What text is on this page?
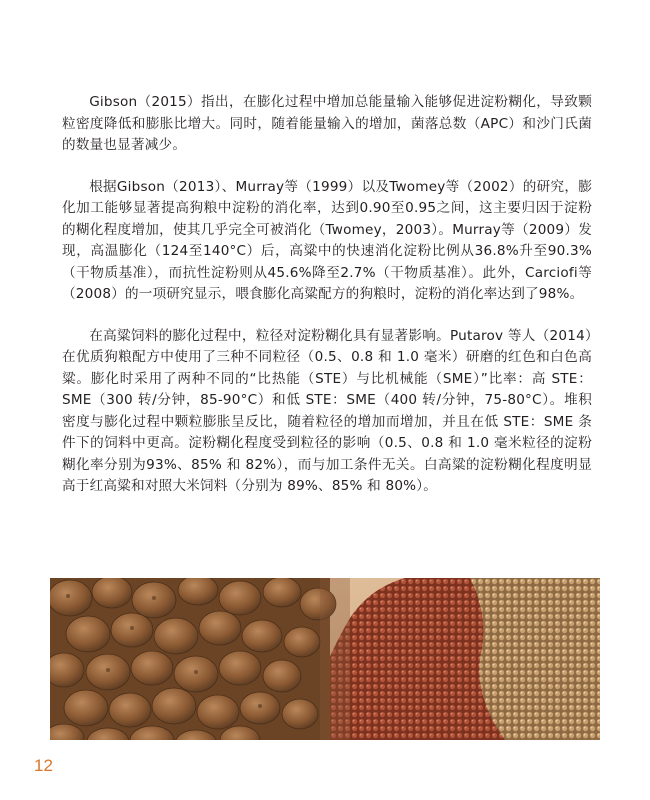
Gibson（2015）指出，在膨化过程中增加总能量输入能够促进淀粉糊化，导致颗粒密度降低和膨胀比增大。同时，随着能量输入的增加，菌落总数（APC）和沙门氏菌的数量也显著减少。

根据Gibson（2013）、Murray等（1999）以及Twomey等（2002）的研究，膨化加工能够显著提高狗粮中淀粉的消化率，达到0.90至0.95之间，这主要归因于淀粉的糊化程度增加，使其几乎完全可被消化（Twomey，2003）。Murray等（2009）发现，高温膨化（124至140°C）后，高粱中的快速消化淀粉比例从36.8%升至90.3%（干物质基准），而抗性淀粉则从45.6%降至2.7%（干物质基准）。此外，Carciofi等（2008）的一项研究显示，喂食膨化高粱配方的狗粮时，淀粉的消化率达到了98%。

在高粱饲料的膨化过程中，粒径对淀粉糊化具有显著影响。Putarov 等人（2014）在优质狗粮配方中使用了三种不同粒径（0.5、0.8 和 1.0 毫米）研磨的红色和白色高粱。膨化时采用了两种不同的“比热能（STE）与比机械能（SME）”比率：高 STE：SME（300 转/分钟，85-90°C）和低 STE：SME（400 转/分钟，75-80°C）。堆积密度与膨化过程中颗粒膨胀呈反比，随着粒径的增加而增加，并且在低 STE：SME 条件下的饲料中更高。淀粉糊化程度受到粒径的影响（0.5、0.8 和 1.0 毫米粒径的淀粉糊化率分别为93%、85% 和 82%），而与加工条件无关。白高粱的淀粉糊化程度明显高于红高粱和对照大米饲料（分别为 89%、85% 和 80%）。

12
